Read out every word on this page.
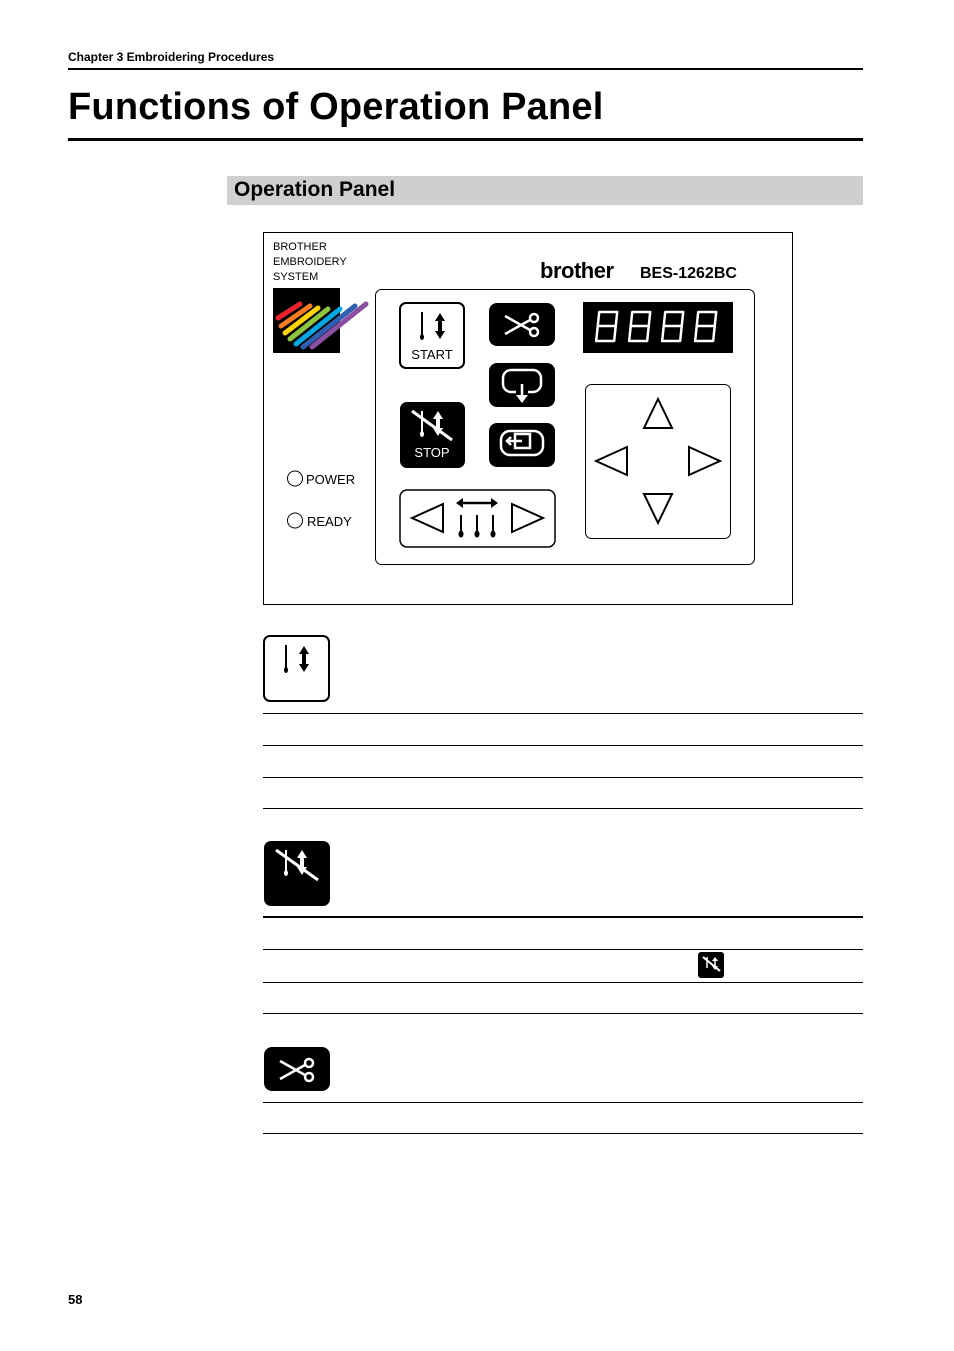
Chapter 3 Embroidering Procedures
Functions of Operation Panel
Operation Panel
BROTHER
EMBROIDERY
SYSTEM	brother BES-1262BC
START
STOP
8888
POWER
READY
58
